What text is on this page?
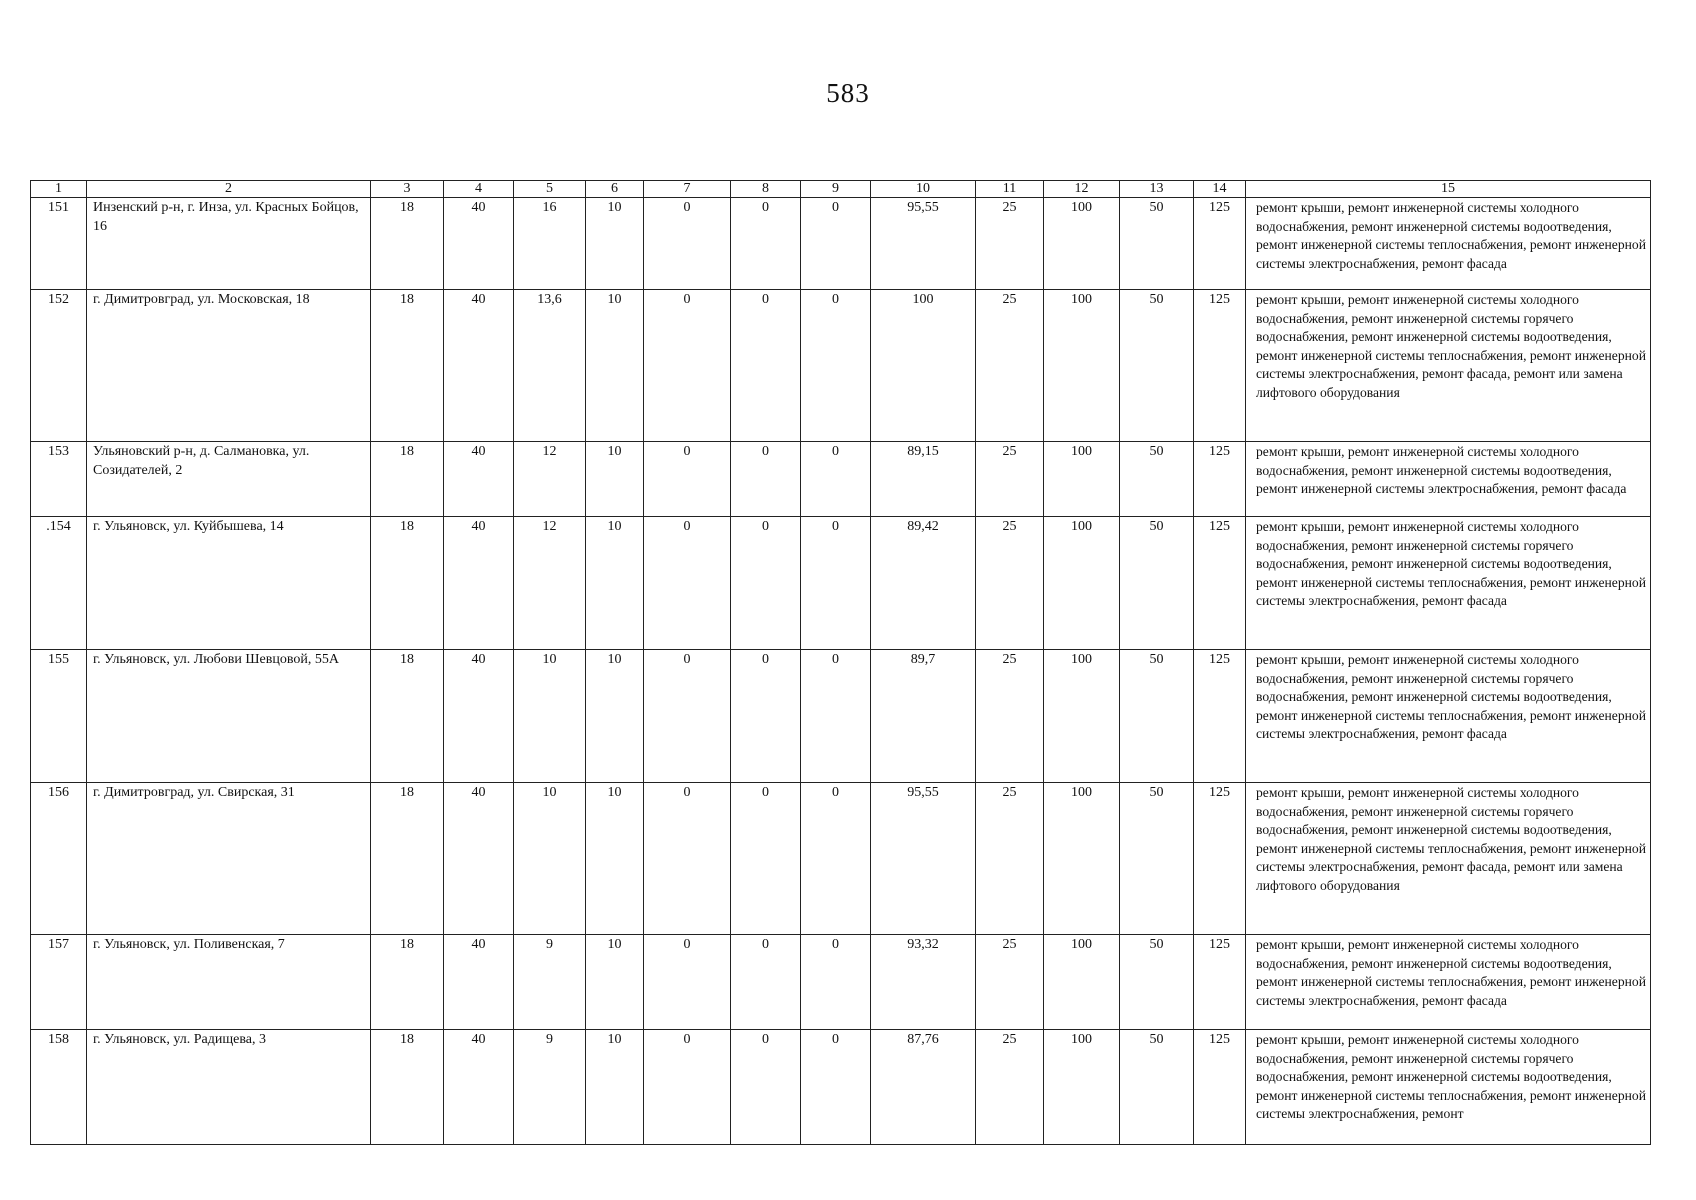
583
1	2	3	4	5	6	7	8	9	10	11	12	13	14	15
151	Инзенский р-н, г. Инза, ул. Красных Бойцов, 16	18	40	16	10	0	0	0	95,55	25	100	50	125	ремонт крыши, ремонт инженерной системы холодного водоснабжения, ремонт инженерной системы водоотведения, ремонт инженерной системы теплоснабжения, ремонт инженерной системы электроснабжения, ремонт фасада
152	г. Димитровград, ул. Московская, 18	18	40	13,6	10	0	0	0	100	25	100	50	125	ремонт крыши, ремонт инженерной системы холодного водоснабжения, ремонт инженерной системы горячего водоснабжения, ремонт инженерной системы водоотведения, ремонт инженерной системы теплоснабжения, ремонт инженерной системы электроснабжения, ремонт фасада, ремонт или замена лифтового оборудования
153	Ульяновский р-н, д. Салмановка, ул. Созидателей, 2	18	40	12	10	0	0	0	89,15	25	100	50	125	ремонт крыши, ремонт инженерной системы холодного водоснабжения, ремонт инженерной системы водоотведения, ремонт инженерной системы электроснабжения, ремонт фасада
.154	г. Ульяновск, ул. Куйбышева, 14	18	40	12	10	0	0	0	89,42	25	100	50	125	ремонт крыши, ремонт инженерной системы холодного водоснабжения, ремонт инженерной системы горячего водоснабжения, ремонт инженерной системы водоотведения, ремонт инженерной системы теплоснабжения, ремонт инженерной системы электроснабжения, ремонт фасада
155	г. Ульяновск, ул. Любови Шевцовой, 55А	18	40	10	10	0	0	0	89,7	25	100	50	125	ремонт крыши, ремонт инженерной системы холодного водоснабжения, ремонт инженерной системы горячего водоснабжения, ремонт инженерной системы водоотведения, ремонт инженерной системы теплоснабжения, ремонт инженерной системы электроснабжения, ремонт фасада
156	г. Димитровград, ул. Свирская, 31	18	40	10	10	0	0	0	95,55	25	100	50	125	ремонт крыши, ремонт инженерной системы холодного водоснабжения, ремонт инженерной системы горячего водоснабжения, ремонт инженерной системы водоотведения, ремонт инженерной системы теплоснабжения, ремонт инженерной системы электроснабжения, ремонт фасада, ремонт или замена лифтового оборудования
157	г. Ульяновск, ул. Поливенская, 7	18	40	9	10	0	0	0	93,32	25	100	50	125	ремонт крыши, ремонт инженерной системы холодного водоснабжения, ремонт инженерной системы водоотведения, ремонт инженерной системы теплоснабжения, ремонт инженерной системы электроснабжения, ремонт фасада
158	г. Ульяновск, ул. Радищева, 3	18	40	9	10	0	0	0	87,76	25	100	50	125	ремонт крыши, ремонт инженерной системы холодного водоснабжения, ремонт инженерной системы горячего водоснабжения, ремонт инженерной системы водоотведения, ремонт инженерной системы теплоснабжения, ремонт инженерной системы электроснабжения, ремонт
